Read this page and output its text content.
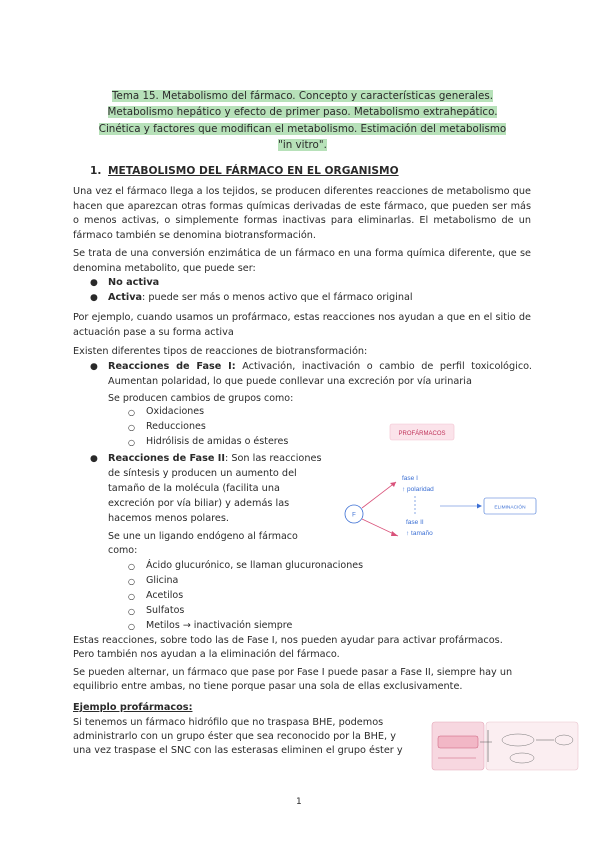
Tema 15. Metabolismo del fármaco. Concepto y características generales.
Metabolismo hepático y efecto de primer paso. Metabolismo extrahepático.
Cinética y factores que modifican el metabolismo. Estimación del metabolismo
"in vitro".
1. METABOLISMO DEL FÁRMACO EN EL ORGANISMO
Una vez el fármaco llega a los tejidos, se producen diferentes reacciones de metabolismo que hacen que aparezcan otras formas químicas derivadas de este fármaco, que pueden ser más o menos activas, o simplemente formas inactivas para eliminarlas. El metabolismo de un fármaco también se denomina biotransformación.
Se trata de una conversión enzimática de un fármaco en una forma química diferente, que se denomina metabolito, que puede ser:
● No activa
● Activa: puede ser más o menos activo que el fármaco original
Por ejemplo, cuando usamos un profármaco, estas reacciones nos ayudan a que en el sitio de actuación pase a su forma activa
Existen diferentes tipos de reacciones de biotransformación:
● Reacciones de Fase I: Activación, inactivación o cambio de perfil toxicológico. Aumentan polaridad, lo que puede conllevar una excreción por vía urinaria
Se producen cambios de grupos como:
○ Oxidaciones
○ Reducciones
○ Hidrólisis de amidas o ésteres
● Reacciones de Fase II: Son las reacciones
de síntesis y producen un aumento del
tamaño de la molécula (facilita una
excreción por vía biliar) y además las
hacemos menos polares.
Se une un ligando endógeno al fármaco
como:
○ Ácido glucurónico, se llaman glucuronaciones
○ Glicina
○ Acetilos
○ Sulfatos
○ Metilos → inactivación siempre
Estas reacciones, sobre todo las de Fase I, nos pueden ayudar para activar profármacos.
Pero también nos ayudan a la eliminación del fármaco.
Se pueden alternar, un fármaco que pase por Fase I puede pasar a Fase II, siempre hay un
equilibrio entre ambas, no tiene porque pasar una sola de ellas exclusivamente.
Ejemplo profármacos:
Si tenemos un fármaco hidrófilo que no traspasa BHE, podemos
administrarlo con un grupo éster que sea reconocido por la BHE, y
una vez traspase el SNC con las esterasas eliminen el grupo éster y
PROFÁRMACOS
F
fase I
↑ polaridad
fase II
↑ tamaño
ELIMINACIÓN
1
